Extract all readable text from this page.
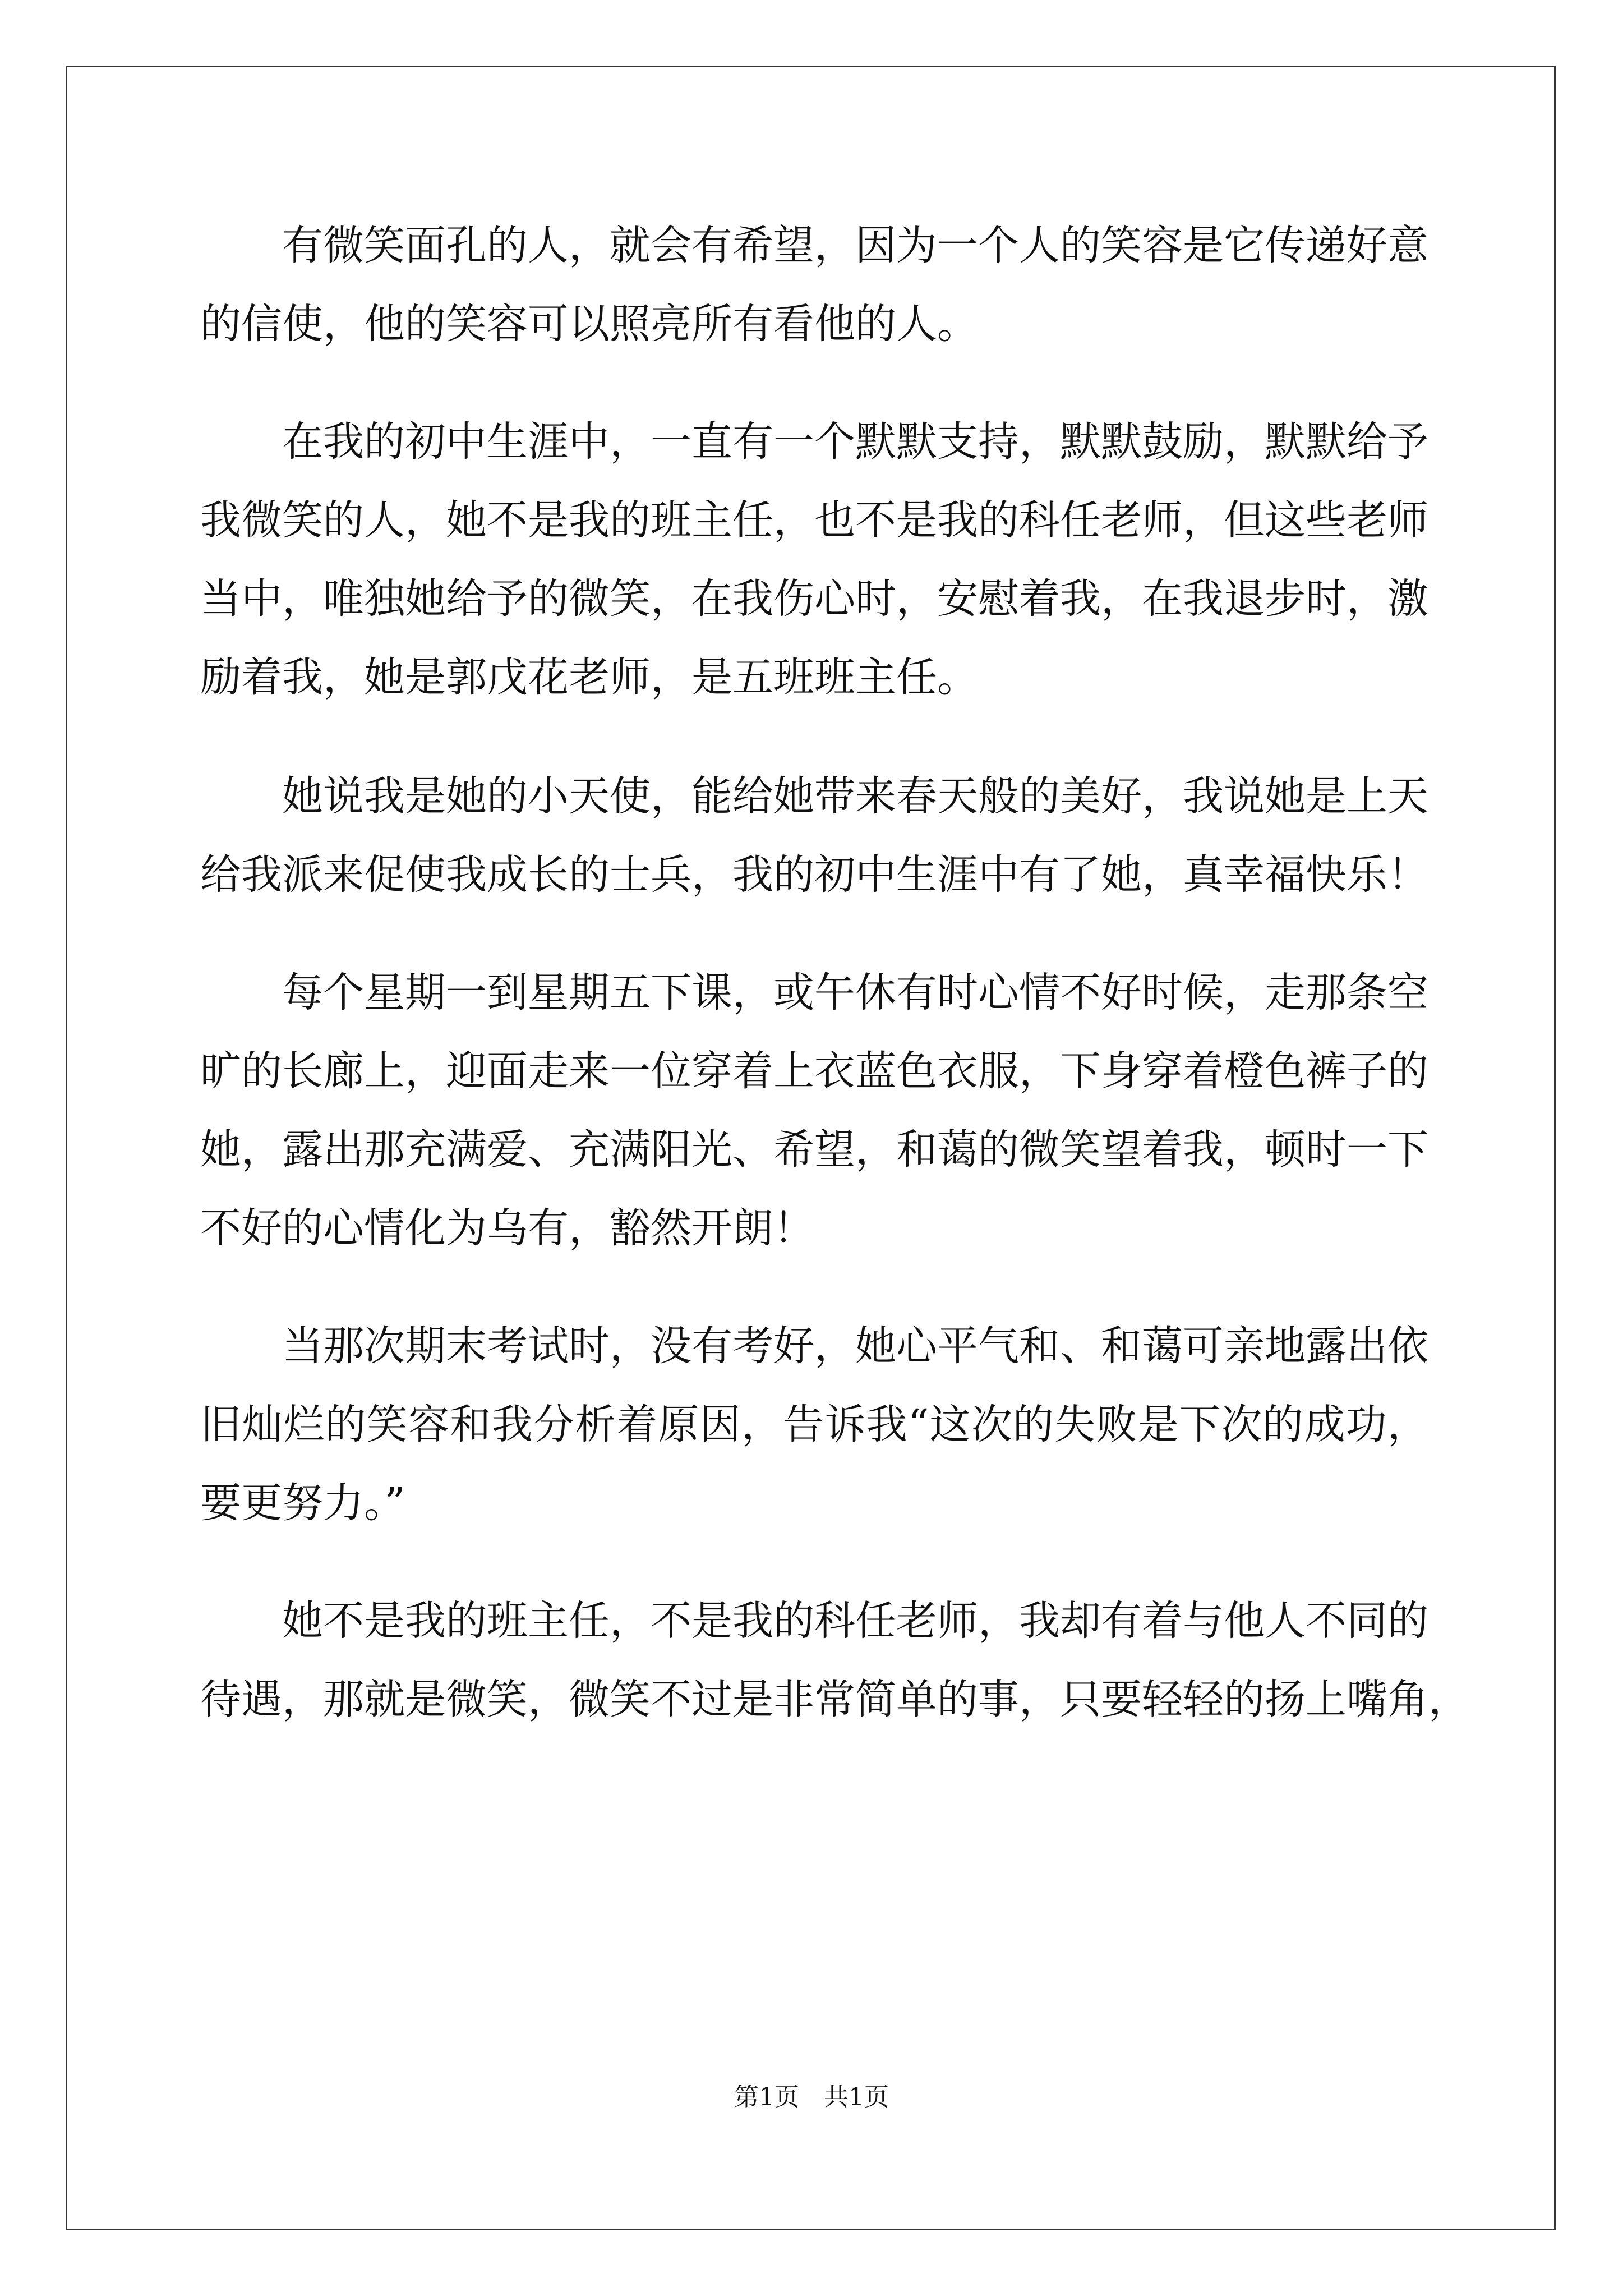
有微笑面孔的人，就会有希望，因为一个人的笑容是它传递好意
的信使，他的笑容可以照亮所有看他的人。
在我的初中生涯中，一直有一个默默支持，默默鼓励，默默给予
我微笑的人，她不是我的班主任，也不是我的科任老师，但这些老师
当中，唯独她给予的微笑，在我伤心时，安慰着我，在我退步时，激
励着我，她是郭戊花老师，是五班班主任。
她说我是她的小天使，能给她带来春天般的美好，我说她是上天
给我派来促使我成长的士兵，我的初中生涯中有了她，真幸福快乐！
每个星期一到星期五下课，或午休有时心情不好时候，走那条空
旷的长廊上，迎面走来一位穿着上衣蓝色衣服，下身穿着橙色裤子的
她，露出那充满爱、充满阳光、希望，和蔼的微笑望着我，顿时一下
不好的心情化为乌有，豁然开朗！
当那次期末考试时，没有考好，她心平气和、和蔼可亲地露出依
旧灿烂的笑容和我分析着原因，告诉我“这次的失败是下次的成功，
要更努力。”
她不是我的班主任，不是我的科任老师，我却有着与他人不同的
待遇，那就是微笑，微笑不过是非常简单的事，只要轻轻的扬上嘴角，
第1页　共1页
